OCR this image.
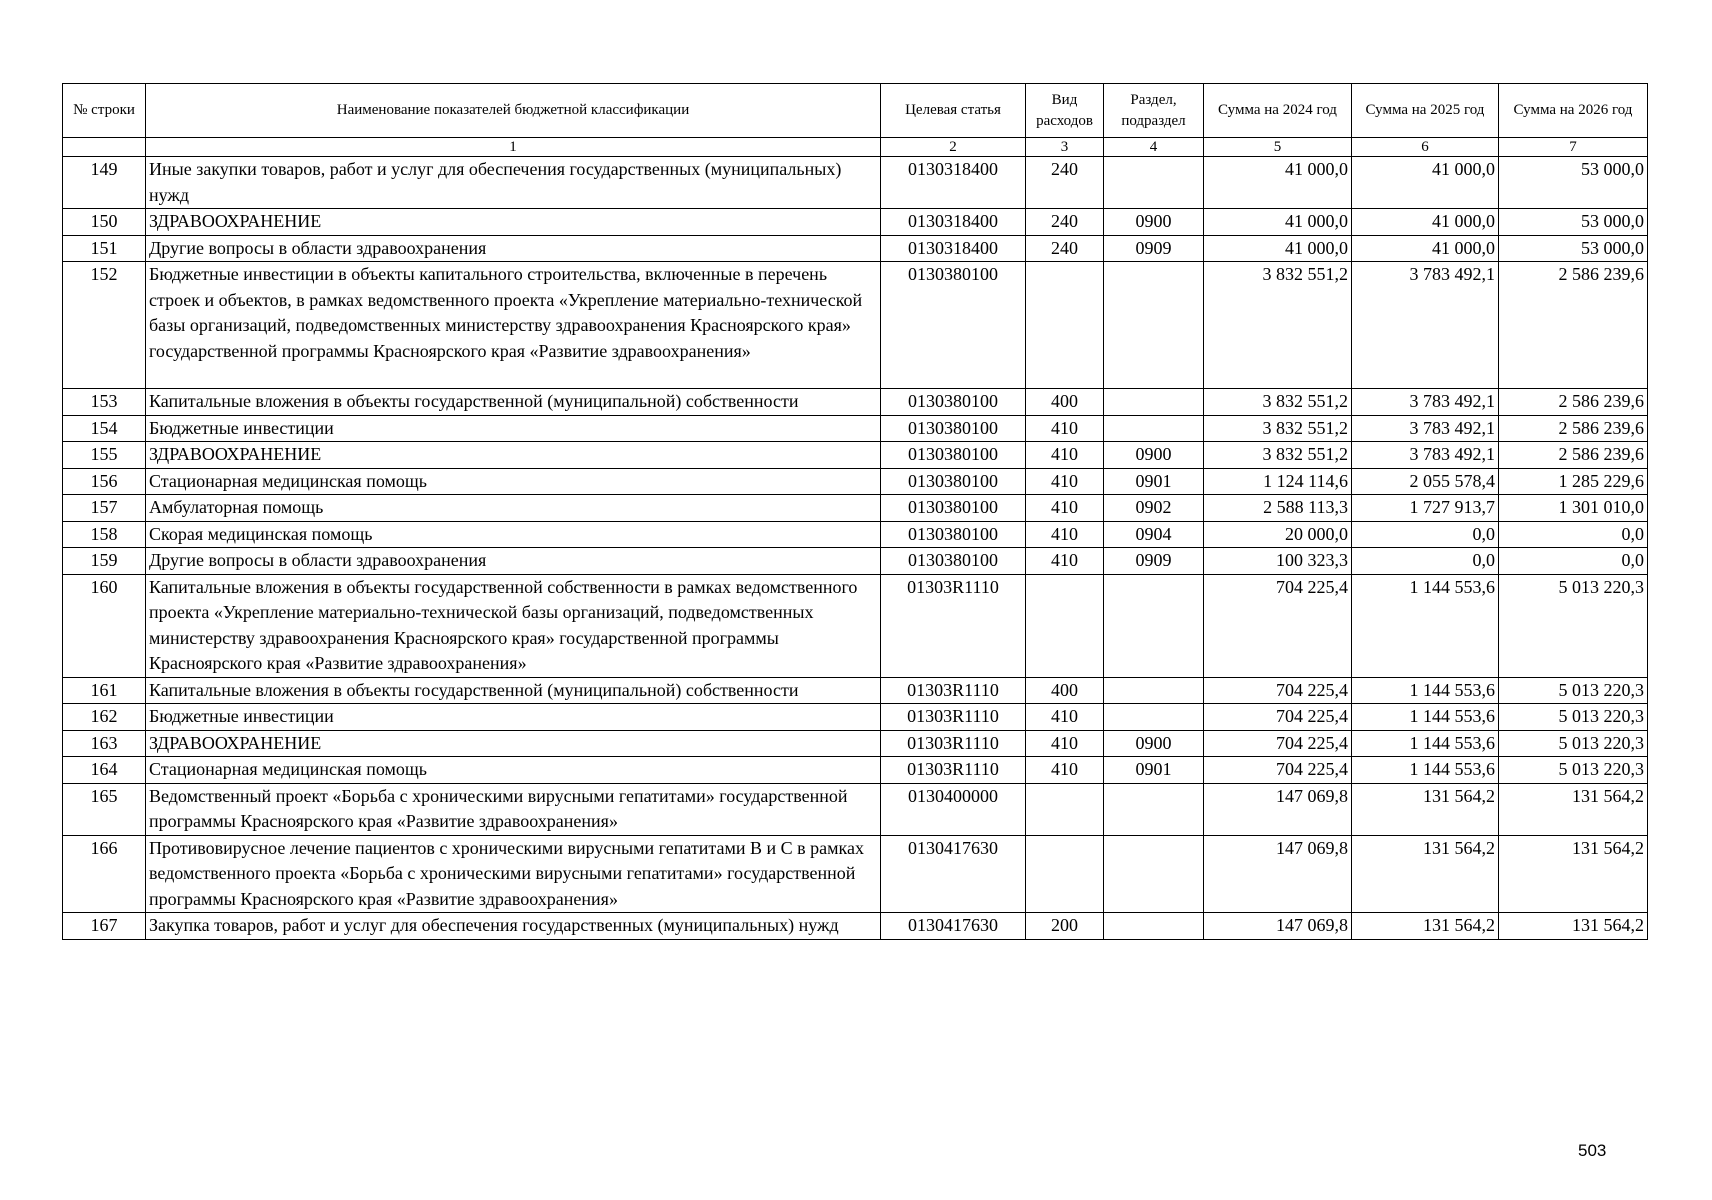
№ строки	Наименование показателей бюджетной классификации	Целевая статья	Вид расходов	Раздел, подраздел	Сумма на 2024 год	Сумма на 2025 год	Сумма на 2026 год
	1	2	3	4	5	6	7
149	Иные закупки товаров, работ и услуг для обеспечения государственных (муниципальных) нужд	0130318400	240		41 000,0	41 000,0	53 000,0
150	ЗДРАВООХРАНЕНИЕ	0130318400	240	0900	41 000,0	41 000,0	53 000,0
151	Другие вопросы в области здравоохранения	0130318400	240	0909	41 000,0	41 000,0	53 000,0
152	Бюджетные инвестиции в объекты капитального строительства, включенные в перечень строек и объектов, в рамках ведомственного проекта «Укрепление материально-технической базы организаций, подведомственных министерству здравоохранения Красноярского края» государственной программы Красноярского края «Развитие здравоохранения»	0130380100			3 832 551,2	3 783 492,1	2 586 239,6
153	Капитальные вложения в объекты государственной (муниципальной) собственности	0130380100	400		3 832 551,2	3 783 492,1	2 586 239,6
154	Бюджетные инвестиции	0130380100	410		3 832 551,2	3 783 492,1	2 586 239,6
155	ЗДРАВООХРАНЕНИЕ	0130380100	410	0900	3 832 551,2	3 783 492,1	2 586 239,6
156	Стационарная медицинская помощь	0130380100	410	0901	1 124 114,6	2 055 578,4	1 285 229,6
157	Амбулаторная помощь	0130380100	410	0902	2 588 113,3	1 727 913,7	1 301 010,0
158	Скорая медицинская помощь	0130380100	410	0904	20 000,0	0,0	0,0
159	Другие вопросы в области здравоохранения	0130380100	410	0909	100 323,3	0,0	0,0
160	Капитальные вложения в объекты государственной собственности в рамках ведомственного проекта «Укрепление материально-технической базы организаций, подведомственных министерству здравоохранения Красноярского края» государственной программы Красноярского края «Развитие здравоохранения»	01303R1110			704 225,4	1 144 553,6	5 013 220,3
161	Капитальные вложения в объекты государственной (муниципальной) собственности	01303R1110	400		704 225,4	1 144 553,6	5 013 220,3
162	Бюджетные инвестиции	01303R1110	410		704 225,4	1 144 553,6	5 013 220,3
163	ЗДРАВООХРАНЕНИЕ	01303R1110	410	0900	704 225,4	1 144 553,6	5 013 220,3
164	Стационарная медицинская помощь	01303R1110	410	0901	704 225,4	1 144 553,6	5 013 220,3
165	Ведомственный проект «Борьба с хроническими вирусными гепатитами» государственной программы Красноярского края «Развитие здравоохранения»	0130400000			147 069,8	131 564,2	131 564,2
166	Противовирусное лечение пациентов с хроническими вирусными гепатитами B и C в рамках ведомственного проекта «Борьба с хроническими вирусными гепатитами» государственной программы Красноярского края «Развитие здравоохранения»	0130417630			147 069,8	131 564,2	131 564,2
167	Закупка товаров, работ и услуг для обеспечения государственных (муниципальных) нужд	0130417630	200		147 069,8	131 564,2	131 564,2
503
